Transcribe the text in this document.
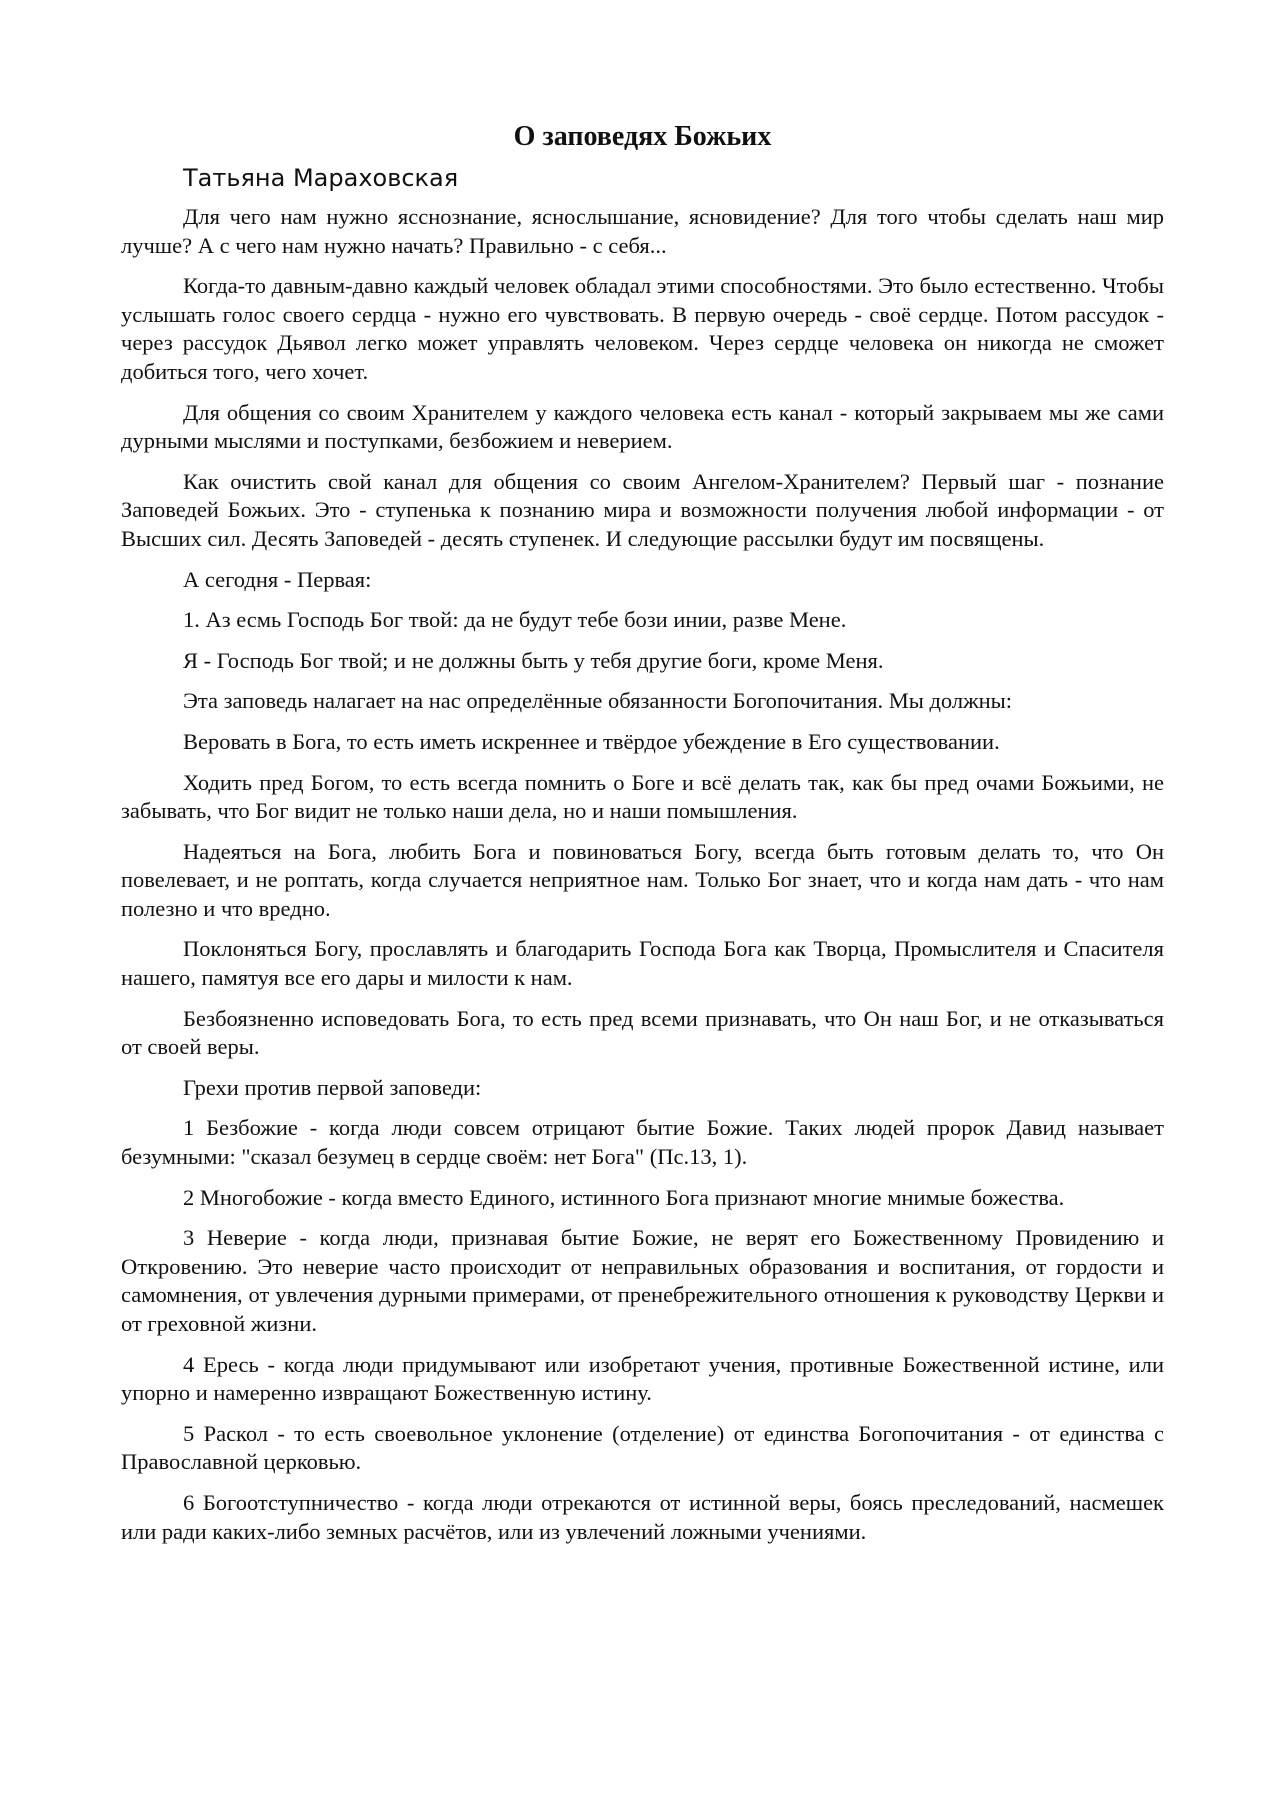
О заповедях Божьих
Татьяна Мараховская

Для чего нам нужно ясснознание, яснослышание, ясновидение? Для того чтобы сделать наш мир лучше? А с чего нам нужно начать? Правильно - с себя...

Когда-то давным-давно каждый человек обладал этими способностями. Это было естественно. Чтобы услышать голос своего сердца - нужно его чувствовать. В первую очередь - своё сердце. Потом рассудок - через рассудок Дьявол легко может управлять человеком. Через сердце человека он никогда не сможет добиться того, чего хочет.

Для общения со своим Хранителем у каждого человека есть канал - который закрываем мы же сами дурными мыслями и поступками, безбожием и неверием.

Как очистить свой канал для общения со своим Ангелом-Хранителем? Первый шаг - познание Заповедей Божьих. Это - ступенька к познанию мира и возможности получения любой информации - от Высших сил. Десять Заповедей - десять ступенек. И следующие рассылки будут им посвящены.

А сегодня - Первая:

1. Аз есмь Господь Бог твой: да не будут тебе бози инии, разве Мене.

Я - Господь Бог твой; и не должны быть у тебя другие боги, кроме Меня.

Эта заповедь налагает на нас определённые обязанности Богопочитания. Мы должны:

Веровать в Бога, то есть иметь искреннее и твёрдое убеждение в Его существовании.

Ходить пред Богом, то есть всегда помнить о Боге и всё делать так, как бы пред очами Божьими, не забывать, что Бог видит не только наши дела, но и наши помышления.

Надеяться на Бога, любить Бога и повиноваться Богу, всегда быть готовым делать то, что Он повелевает, и не роптать, когда случается неприятное нам. Только Бог знает, что и когда нам дать - что нам полезно и что вредно.

Поклоняться Богу, прославлять и благодарить Господа Бога как Творца, Промыслителя и Спасителя нашего, памятуя все его дары и милости к нам.

Безбоязненно исповедовать Бога, то есть пред всеми признавать, что Он наш Бог, и не отказываться от своей веры.

Грехи против первой заповеди:

1 Безбожие - когда люди совсем отрицают бытие Божие. Таких людей пророк Давид называет безумными: "сказал безумец в сердце своём: нет Бога" (Пс.13, 1).

2 Многобожие - когда вместо Единого, истинного Бога признают многие мнимые божества.

3 Неверие - когда люди, признавая бытие Божие, не верят его Божественному Провидению и Откровению. Это неверие часто происходит от неправильных образования и воспитания, от гордости и самомнения, от увлечения дурными примерами, от пренебрежительного отношения к руководству Церкви и от греховной жизни.

4 Ересь - когда люди придумывают или изобретают учения, противные Божественной истине, или упорно и намеренно извращают Божественную истину.

5 Раскол - то есть своевольное уклонение (отделение) от единства Богопочитания - от единства с Православной церковью.

6 Богоотступничество - когда люди отрекаются от истинной веры, боясь преследований, насмешек или ради каких-либо земных расчётов, или из увлечений ложными учениями.
